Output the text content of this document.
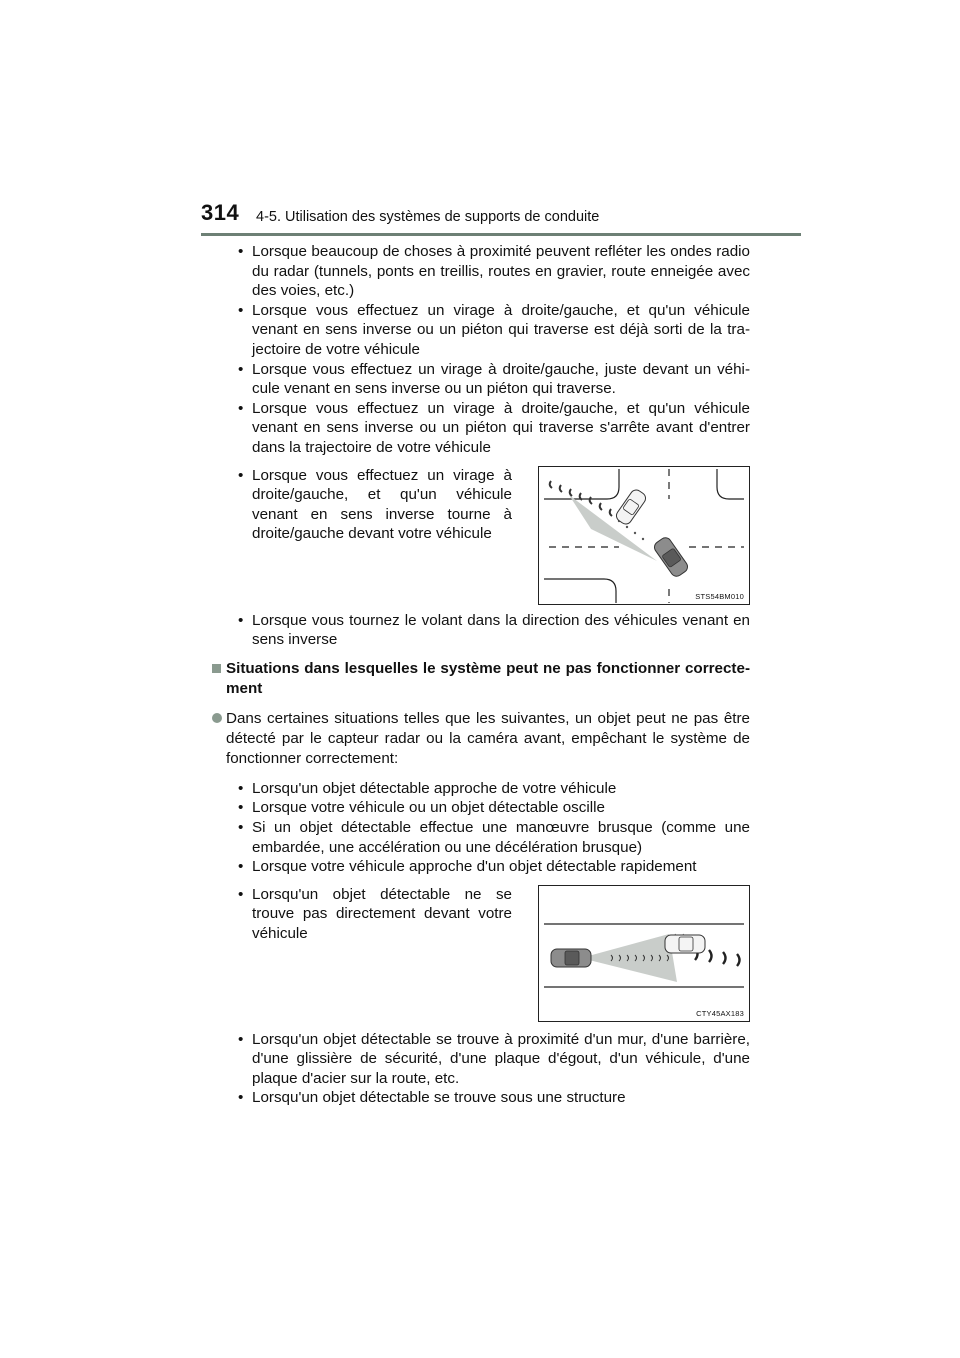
314 4-5. Utilisation des systèmes de supports de conduite
• Lorsque beaucoup de choses à proximité peuvent refléter les ondes radio du radar (tunnels, ponts en treillis, routes en gravier, route enneigée avec des voies, etc.)
• Lorsque vous effectuez un virage à droite/gauche, et qu'un véhicule venant en sens inverse ou un piéton qui traverse est déjà sorti de la trajectoire de votre véhicule
• Lorsque vous effectuez un virage à droite/gauche, juste devant un véhicule venant en sens inverse ou un piéton qui traverse.
• Lorsque vous effectuez un virage à droite/gauche, et qu'un véhicule venant en sens inverse ou un piéton qui traverse s'arrête avant d'entrer dans la trajectoire de votre véhicule
• Lorsque vous effectuez un virage à droite/gauche, et qu'un véhicule venant en sens inverse tourne à droite/gauche devant votre véhicule
STS54BM010
• Lorsque vous tournez le volant dans la direction des véhicules venant en sens inverse
Situations dans lesquelles le système peut ne pas fonctionner correctement
Dans certaines situations telles que les suivantes, un objet peut ne pas être détecté par le capteur radar ou la caméra avant, empêchant le système de fonctionner correctement:
• Lorsqu'un objet détectable approche de votre véhicule
• Lorsque votre véhicule ou un objet détectable oscille
• Si un objet détectable effectue une manœuvre brusque (comme une embardée, une accélération ou une décélération brusque)
• Lorsque votre véhicule approche d'un objet détectable rapidement
• Lorsqu'un objet détectable ne se trouve pas directement devant votre véhicule
CTY45AX183
• Lorsqu'un objet détectable se trouve à proximité d'un mur, d'une barrière, d'une glissière de sécurité, d'une plaque d'égout, d'un véhicule, d'une plaque d'acier sur la route, etc.
• Lorsqu'un objet détectable se trouve sous une structure
